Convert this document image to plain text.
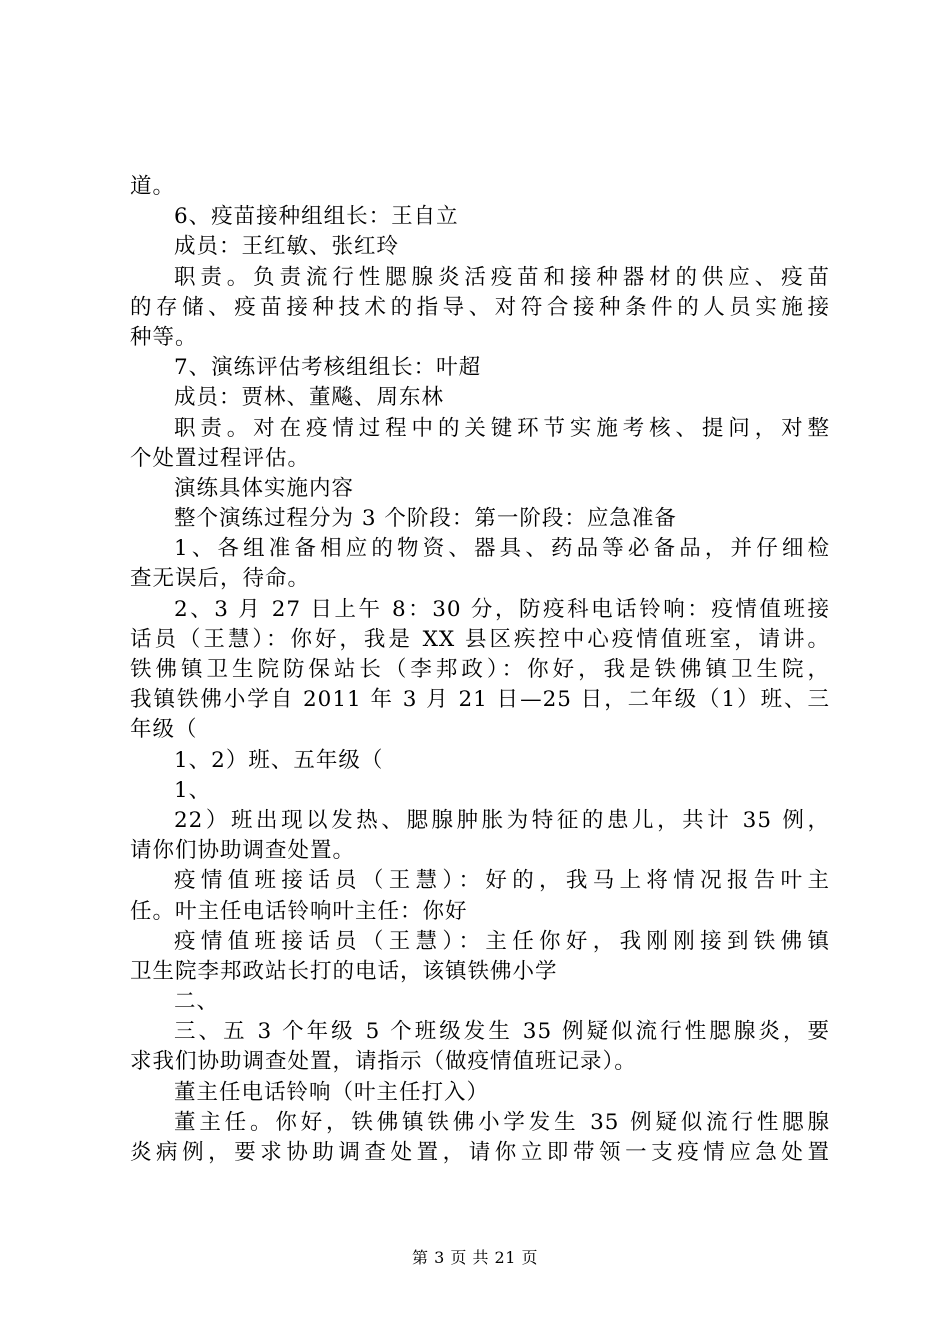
道。
6、疫苗接种组组长：王自立
成员：王红敏、张红玲
职责。负责流行性腮腺炎活疫苗和接种器材的供应、疫苗
的存储、疫苗接种技术的指导、对符合接种条件的人员实施接
种等。
7、演练评估考核组组长：叶超
成员：贾林、董飚、周东林
职责。对在疫情过程中的关键环节实施考核、提问，对整
个处置过程评估。
演练具体实施内容
整个演练过程分为 3 个阶段：第一阶段：应急准备
1、各组准备相应的物资、器具、药品等必备品，并仔细检
查无误后，待命。
2、3 月 27 日上午 8：30 分，防疫科电话铃响：疫情值班接
话员（王慧）：你好，我是 XX 县区疾控中心疫情值班室，请讲。
铁佛镇卫生院防保站长（李邦政）：你好，我是铁佛镇卫生院，
我镇铁佛小学自 2011 年 3 月 21 日—25 日，二年级（1）班、三
年级（
1、2）班、五年级（
1、
22）班出现以发热、腮腺肿胀为特征的患儿，共计 35 例，
请你们协助调查处置。
疫情值班接话员（王慧）：好的，我马上将情况报告叶主
任。叶主任电话铃响叶主任：你好
疫情值班接话员（王慧）：主任你好，我刚刚接到铁佛镇
卫生院李邦政站长打的电话，该镇铁佛小学
二、
三、五 3 个年级 5 个班级发生 35 例疑似流行性腮腺炎，要
求我们协助调查处置，请指示（做疫情值班记录）。
董主任电话铃响（叶主任打入）
董主任。你好，铁佛镇铁佛小学发生 35 例疑似流行性腮腺
炎病例，要求协助调查处置，请你立即带领一支疫情应急处置
第 3 页 共 21 页
